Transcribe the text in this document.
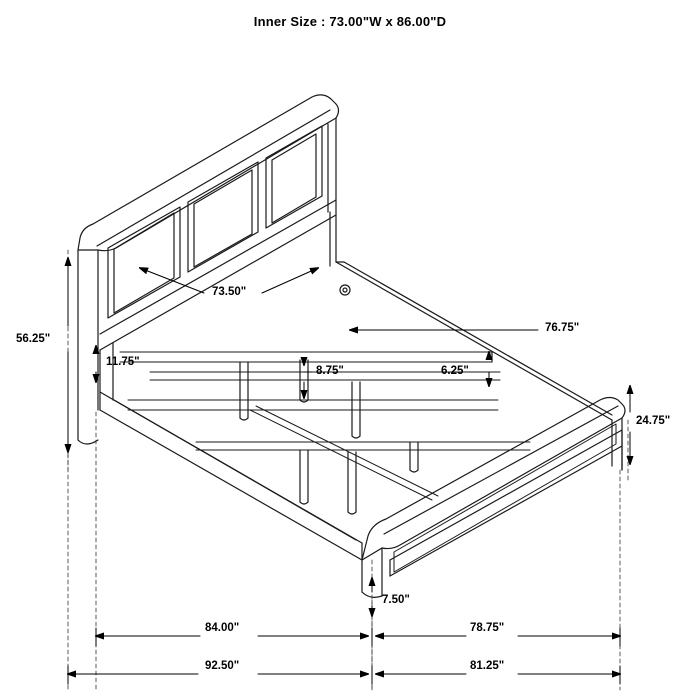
Inner Size : 73.00"W x 86.00"D
73.50"
56.25"
11.75"
76.75"
8.75"	6.25"
24.75"
7.50"
84.00"	78.75"
92.50"	81.25"
